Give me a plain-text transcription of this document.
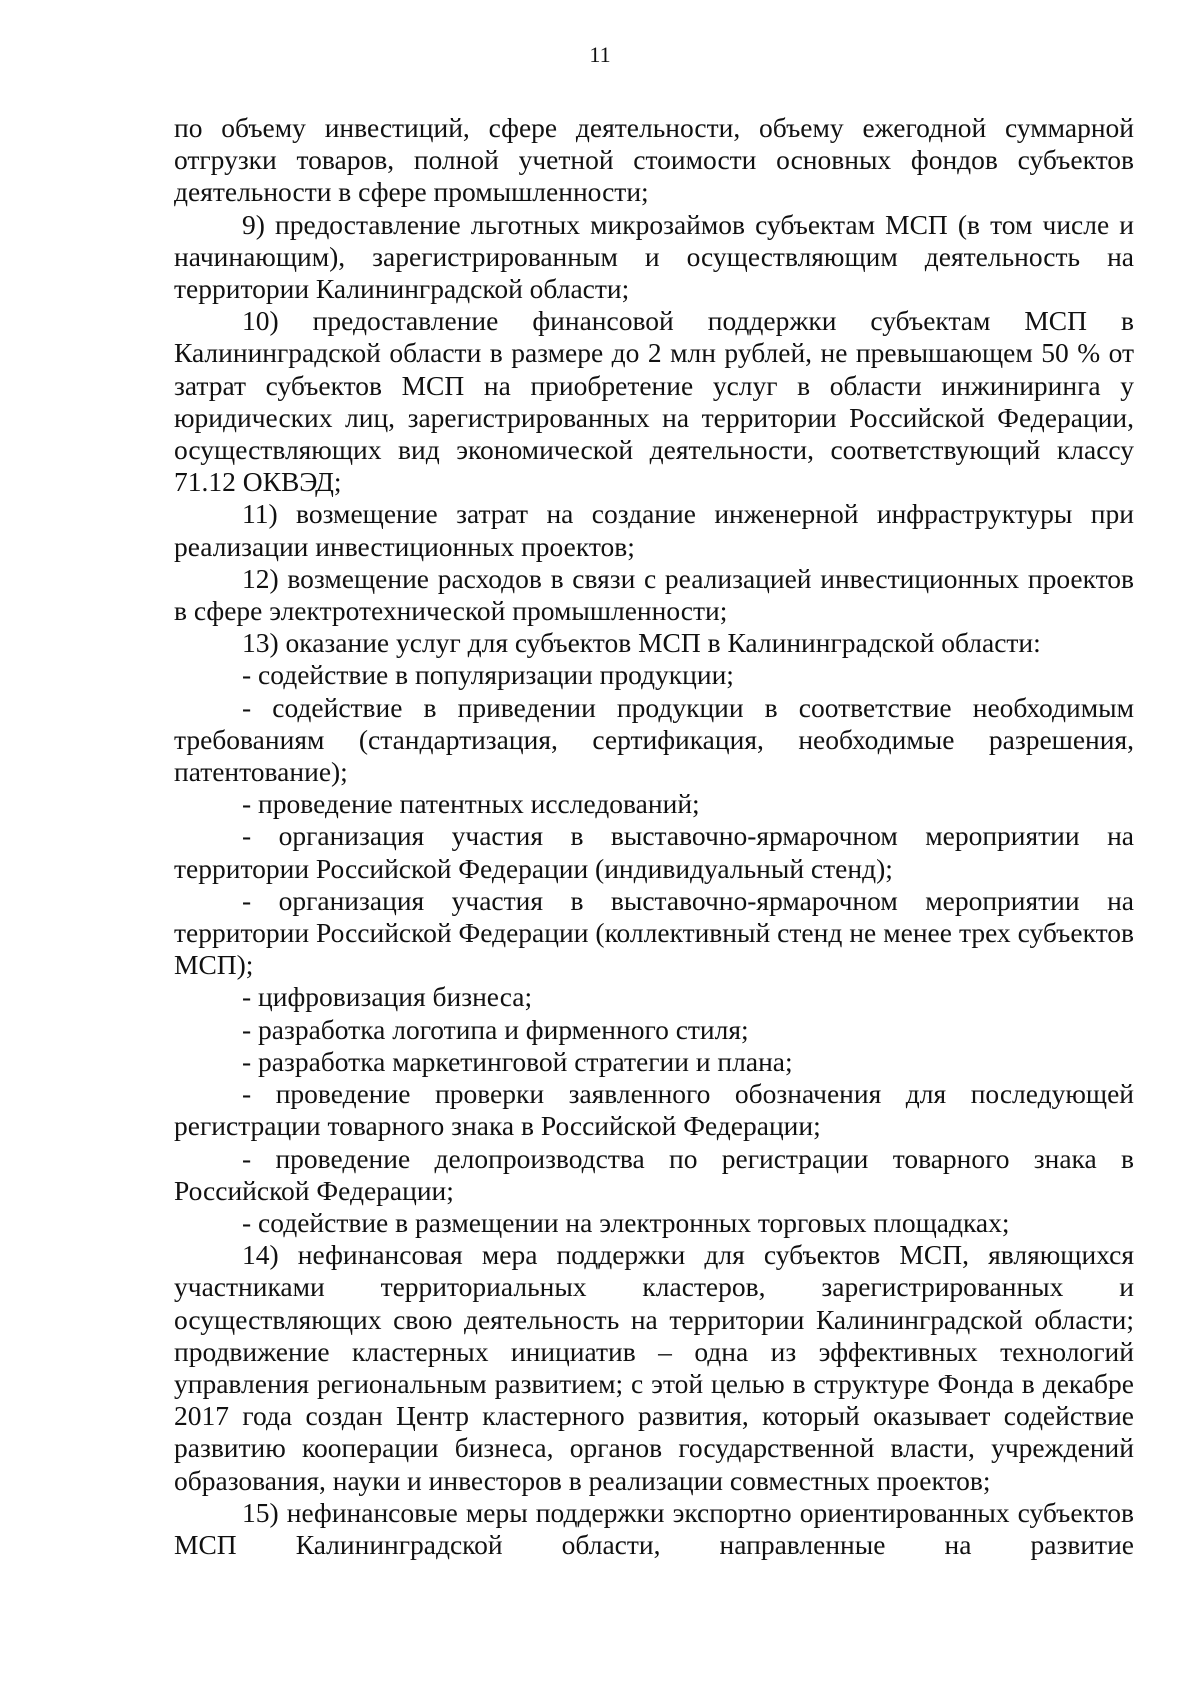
11

по объему инвестиций, сфере деятельности, объему ежегодной суммарной отгрузки товаров, полной учетной стоимости основных фондов субъектов деятельности в сфере промышленности;

9) предоставление льготных микрозаймов субъектам МСП (в том числе и начинающим), зарегистрированным и осуществляющим деятельность на территории Калининградской области;

10) предоставление финансовой поддержки субъектам МСП в Калининградской области в размере до 2 млн рублей, не превышающем 50 % от затрат субъектов МСП на приобретение услуг в области инжиниринга у юридических лиц, зарегистрированных на территории Российской Федерации, осуществляющих вид экономической деятельности, соответствующий классу 71.12 ОКВЭД;

11) возмещение затрат на создание инженерной инфраструктуры при реализации инвестиционных проектов;

12) возмещение расходов в связи с реализацией инвестиционных проектов в сфере электротехнической промышленности;

13) оказание услуг для субъектов МСП в Калининградской области:

- содействие в популяризации продукции;

- содействие в приведении продукции в соответствие необходимым требованиям (стандартизация, сертификация, необходимые разрешения, патентование);

- проведение патентных исследований;

- организация участия в выставочно-ярмарочном мероприятии на территории Российской Федерации (индивидуальный стенд);

- организация участия в выставочно-ярмарочном мероприятии на территории Российской Федерации (коллективный стенд не менее трех субъектов МСП);

- цифровизация бизнеса;

- разработка логотипа и фирменного стиля;

- разработка маркетинговой стратегии и плана;

- проведение проверки заявленного обозначения для последующей регистрации товарного знака в Российской Федерации;

- проведение делопроизводства по регистрации товарного знака в Российской Федерации;

- содействие в размещении на электронных торговых площадках;

14) нефинансовая мера поддержки для субъектов МСП, являющихся участниками территориальных кластеров, зарегистрированных и осуществляющих свою деятельность на территории Калининградской области; продвижение кластерных инициатив – одна из эффективных технологий управления региональным развитием; с этой целью в структуре Фонда в декабре 2017 года создан Центр кластерного развития, который оказывает содействие развитию кооперации бизнеса, органов государственной власти, учреждений образования, науки и инвесторов в реализации совместных проектов;

15) нефинансовые меры поддержки экспортно ориентированных субъектов МСП Калининградской области, направленные на развитие
